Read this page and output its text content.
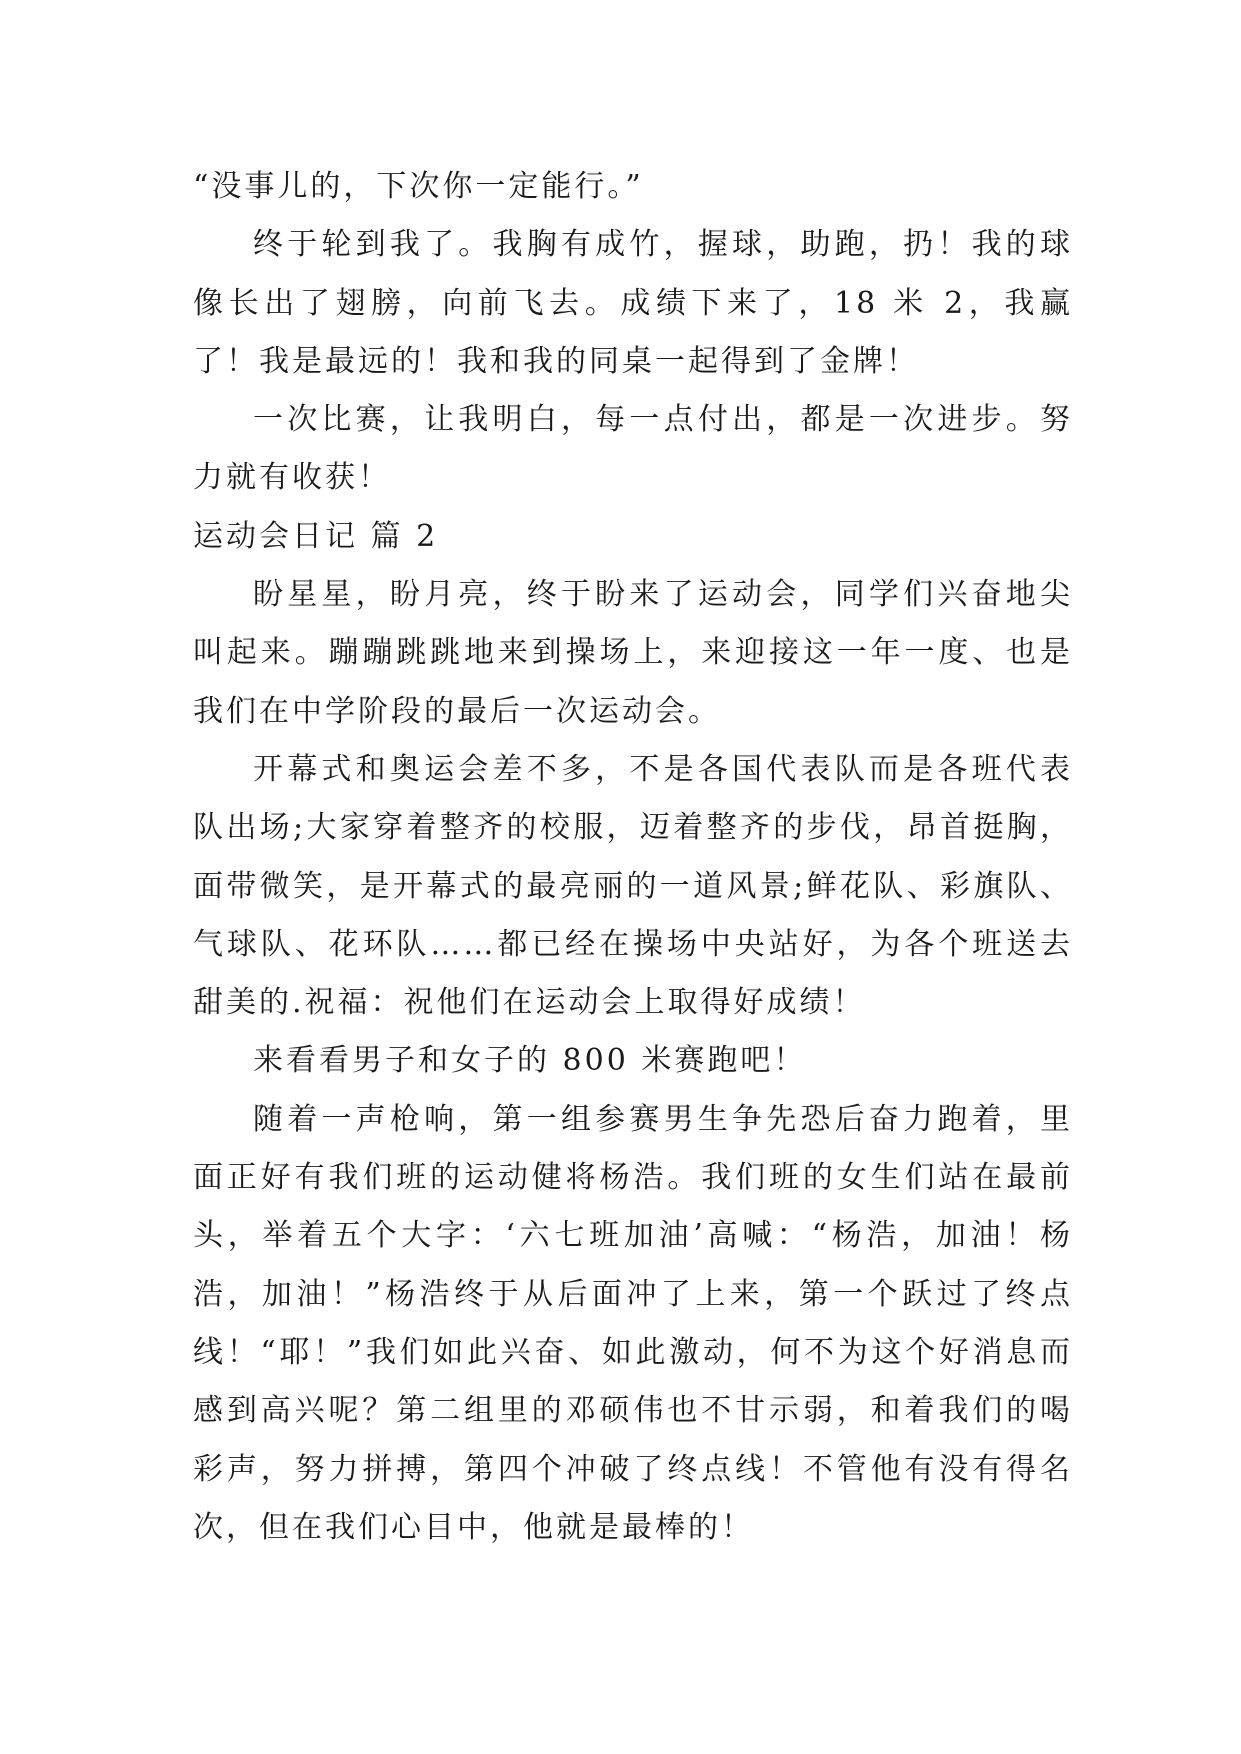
“没事儿的，下次你一定能行。”

终于轮到我了。我胸有成竹，握球，助跑，扔！我的球像长出了翅膀，向前飞去。成绩下来了，18 米 2，我赢了！我是最远的！我和我的同桌一起得到了金牌！

一次比赛，让我明白，每一点付出，都是一次进步。努力就有收获！

运动会日记 篇 2

盼星星，盼月亮，终于盼来了运动会，同学们兴奋地尖叫起来。蹦蹦跳跳地来到操场上，来迎接这一年一度、也是我们在中学阶段的最后一次运动会。

开幕式和奥运会差不多，不是各国代表队而是各班代表队出场;大家穿着整齐的校服，迈着整齐的步伐，昂首挺胸，面带微笑，是开幕式的最亮丽的一道风景;鲜花队、彩旗队、气球队、花环队……都已经在操场中央站好，为各个班送去甜美的.祝福：祝他们在运动会上取得好成绩！

来看看男子和女子的 800 米赛跑吧！

随着一声枪响，第一组参赛男生争先恐后奋力跑着，里面正好有我们班的运动健将杨浩。我们班的女生们站在最前头，举着五个大字：‘六七班加油’高喊：“杨浩，加油！杨浩，加油！”杨浩终于从后面冲了上来，第一个跃过了终点线！“耶！”我们如此兴奋、如此激动，何不为这个好消息而感到高兴呢？第二组里的邓硕伟也不甘示弱，和着我们的喝彩声，努力拼搏，第四个冲破了终点线！不管他有没有得名次，但在我们心目中，他就是最棒的！
